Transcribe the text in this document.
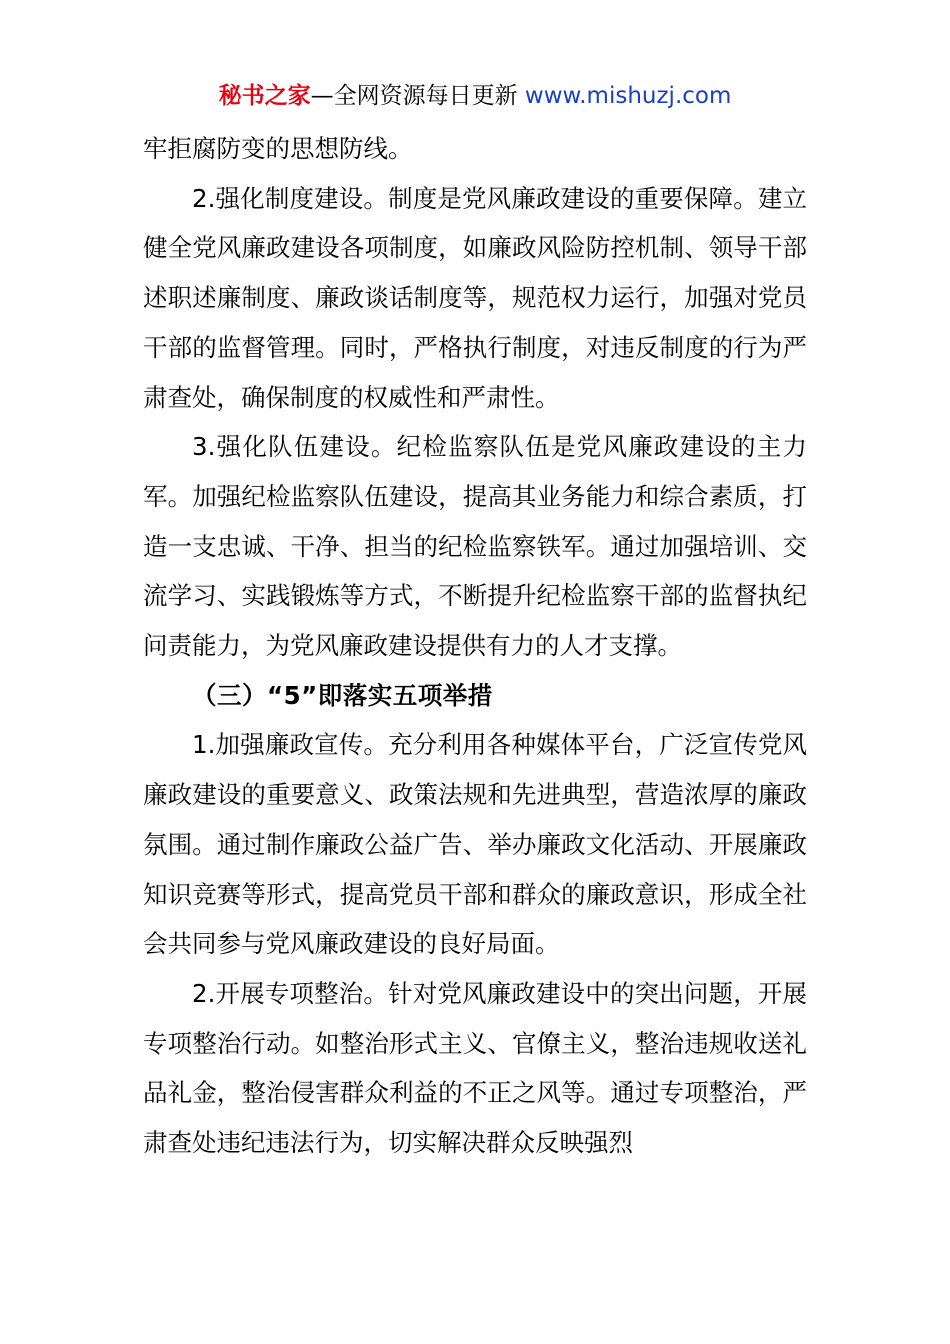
秘书之家—全网资源每日更新 www.mishuzj.com

牢拒腐防变的思想防线。

2.强化制度建设。制度是党风廉政建设的重要保障。建立健全党风廉政建设各项制度，如廉政风险防控机制、领导干部述职述廉制度、廉政谈话制度等，规范权力运行，加强对党员干部的监督管理。同时，严格执行制度，对违反制度的行为严肃查处，确保制度的权威性和严肃性。

3.强化队伍建设。纪检监察队伍是党风廉政建设的主力军。加强纪检监察队伍建设，提高其业务能力和综合素质，打造一支忠诚、干净、担当的纪检监察铁军。通过加强培训、交流学习、实践锻炼等方式，不断提升纪检监察干部的监督执纪问责能力，为党风廉政建设提供有力的人才支撑。

（三）“5”即落实五项举措

1.加强廉政宣传。充分利用各种媒体平台，广泛宣传党风廉政建设的重要意义、政策法规和先进典型，营造浓厚的廉政氛围。通过制作廉政公益广告、举办廉政文化活动、开展廉政知识竞赛等形式，提高党员干部和群众的廉政意识，形成全社会共同参与党风廉政建设的良好局面。

2.开展专项整治。针对党风廉政建设中的突出问题，开展专项整治行动。如整治形式主义、官僚主义，整治违规收送礼品礼金，整治侵害群众利益的不正之风等。通过专项整治，严肃查处违纪违法行为，切实解决群众反映强烈
